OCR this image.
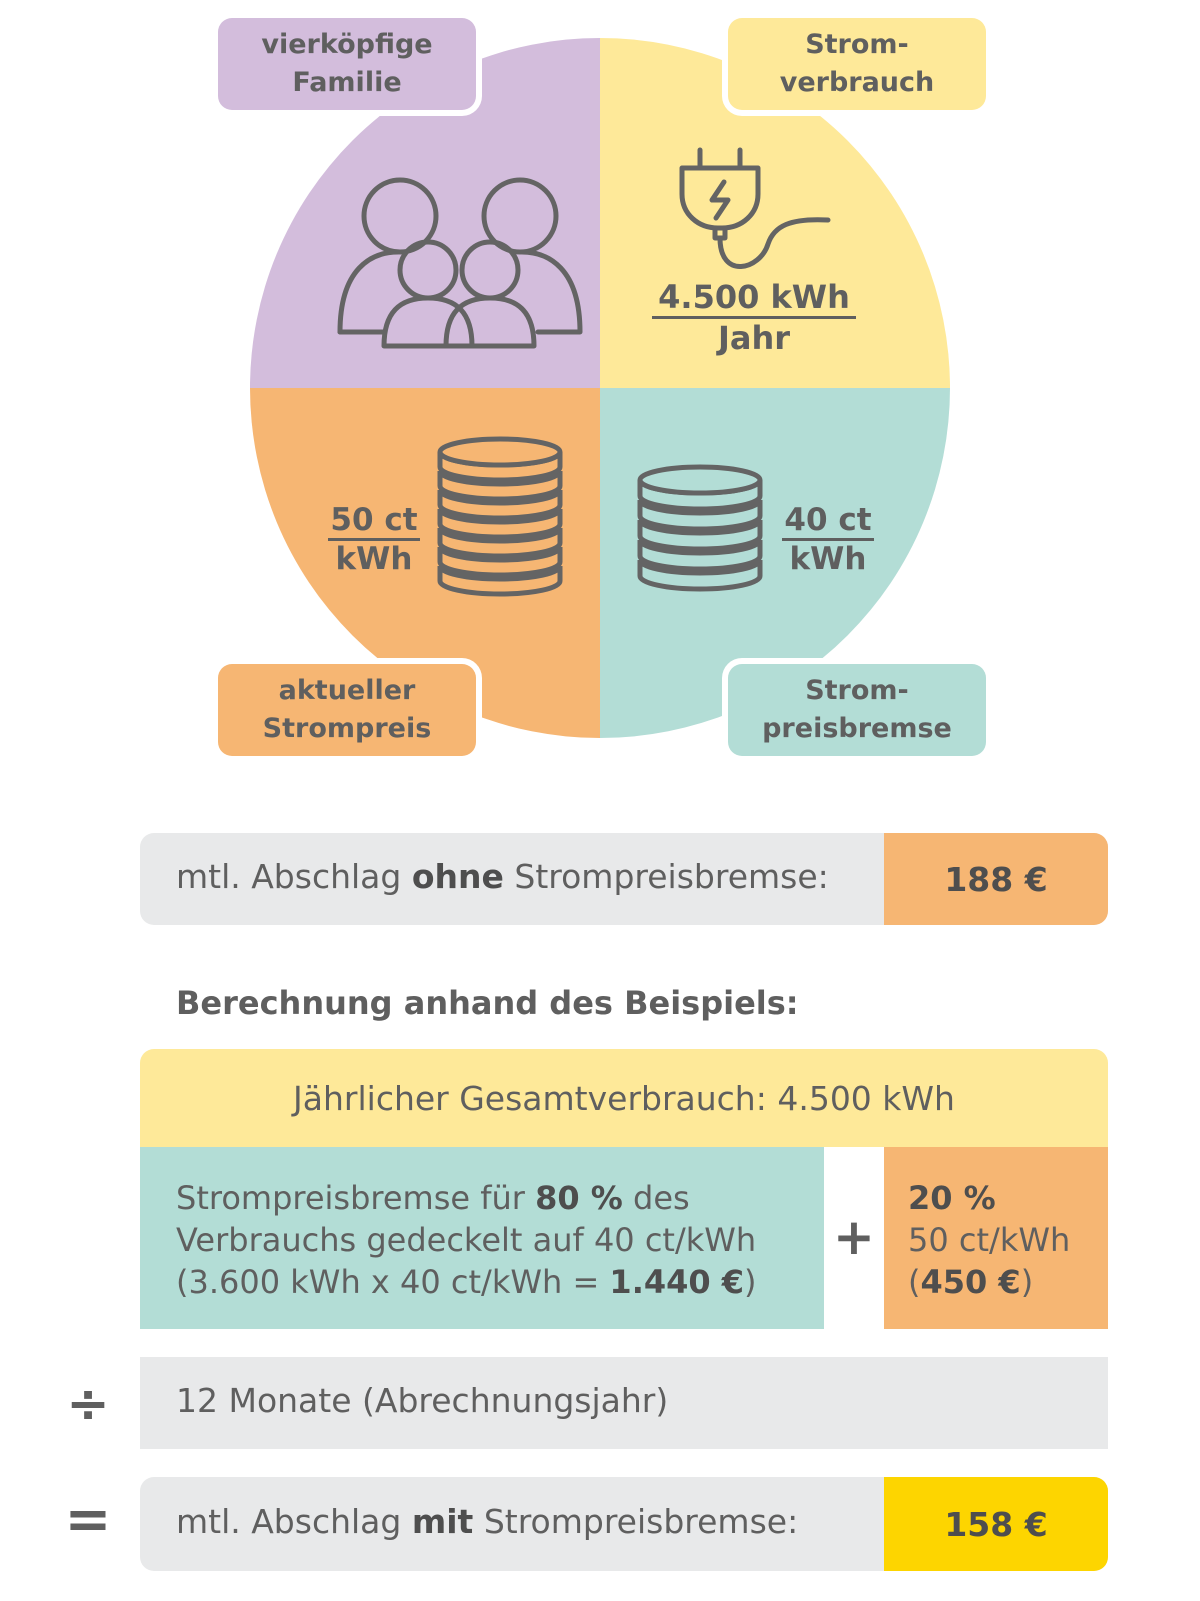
4.500 kWh
Jahr
50 ct
kWh
40 ct
kWh
vierköpfige
Familie
Strom-
verbrauch
aktueller
Strompreis
Strom-
preisbremse
mtl. Abschlag ohne Strompreisbremse:	188 €
Berechnung anhand des Beispiels:
Jährlicher Gesamtverbrauch: 4.500 kWh
Strompreisbremse für 80 % des
Verbrauchs gedeckelt auf 40 ct/kWh
(3.600 kWh x 40 ct/kWh = 1.440 €)
+
20 %
50 ct/kWh
(450 €)
÷ 12 Monate (Abrechnungsjahr)
= mtl. Abschlag mit Strompreisbremse:	158 €
